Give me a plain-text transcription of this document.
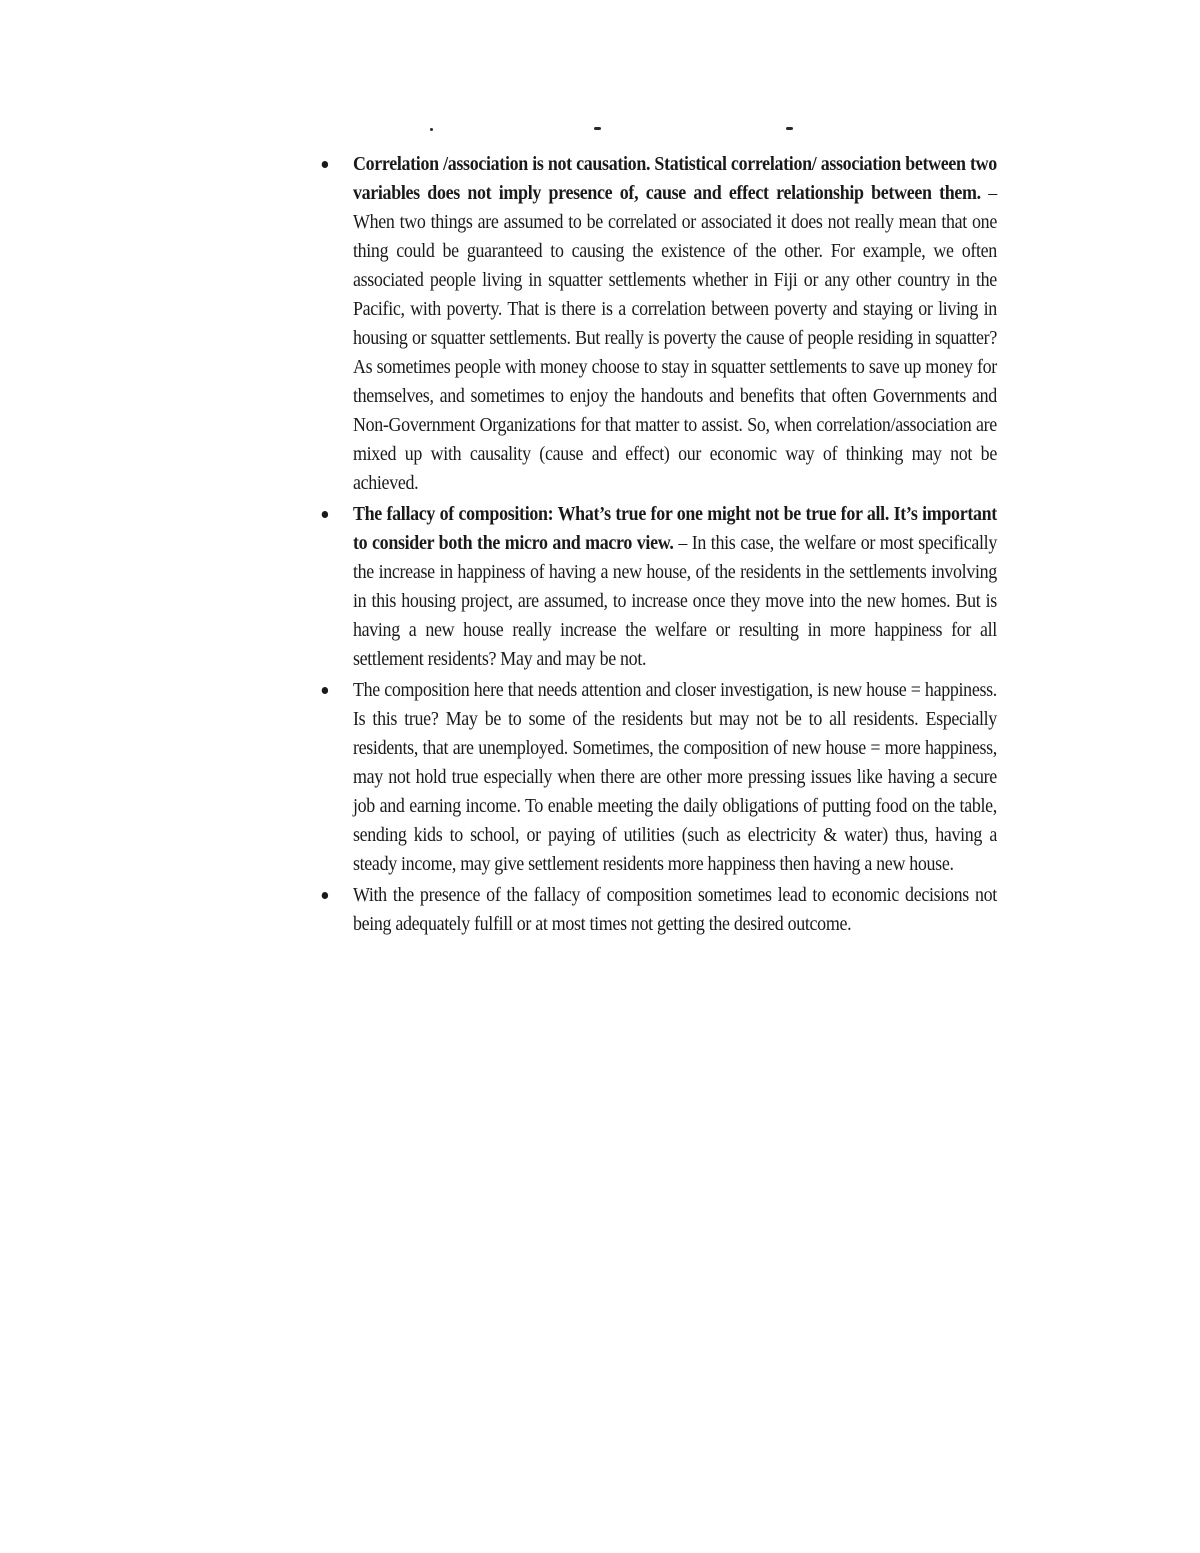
Correlation /association is not causation. Statistical correlation/ association between two variables does not imply presence of, cause and effect relationship between them. – When two things are assumed to be correlated or associated it does not really mean that one thing could be guaranteed to causing the existence of the other. For example, we often associated people living in squatter settlements whether in Fiji or any other country in the Pacific, with poverty. That is there is a correlation between poverty and staying or living in housing or squatter settlements. But really is poverty the cause of people residing in squatter? As sometimes people with money choose to stay in squatter settlements to save up money for themselves, and sometimes to enjoy the handouts and benefits that often Governments and Non-Government Organizations for that matter to assist. So, when correlation/association are mixed up with causality (cause and effect) our economic way of thinking may not be achieved.
The fallacy of composition: What’s true for one might not be true for all. It’s important to consider both the micro and macro view. – In this case, the welfare or most specifically the increase in happiness of having a new house, of the residents in the settlements involving in this housing project, are assumed, to increase once they move into the new homes. But is having a new house really increase the welfare or resulting in more happiness for all settlement residents? May and may be not.
The composition here that needs attention and closer investigation, is new house = happiness. Is this true? May be to some of the residents but may not be to all residents. Especially residents, that are unemployed. Sometimes, the composition of new house = more happiness, may not hold true especially when there are other more pressing issues like having a secure job and earning income. To enable meeting the daily obligations of putting food on the table, sending kids to school, or paying of utilities (such as electricity & water) thus, having a steady income, may give settlement residents more happiness then having a new house.
With the presence of the fallacy of composition sometimes lead to economic decisions not being adequately fulfill or at most times not getting the desired outcome.
